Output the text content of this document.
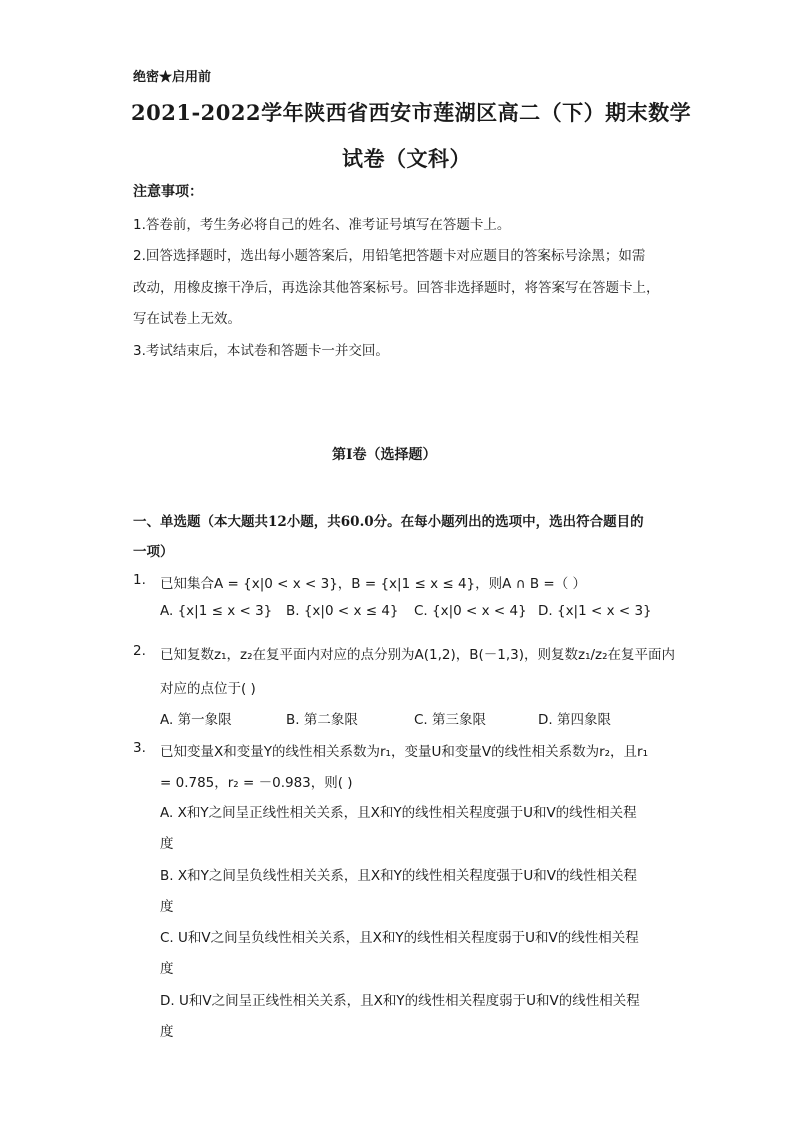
绝密★启用前
2021-2022学年陕西省西安市莲湖区高二（下）期末数学
试卷（文科）
注意事项：
1.答卷前，考生务必将自己的姓名、准考证号填写在答题卡上。
2.回答选择题时，选出每小题答案后，用铅笔把答题卡对应题目的答案标号涂黑；如需
改动，用橡皮擦干净后，再选涂其他答案标号。回答非选择题时，将答案写在答题卡上，
写在试卷上无效。
3.考试结束后，本试卷和答题卡一并交回。
第Ⅰ卷（选择题）
一、单选题（本大题共12小题，共60.0分。在每小题列出的选项中，选出符合题目的
一项）
1. 已知集合A = {x|0 < x < 3}，B = {x|1 ≤ x ≤ 4}，则A ∩ B =（ ）
A. {x|1 ≤ x < 3} B. {x|0 < x ≤ 4} C. {x|0 < x < 4} D. {x|1 < x < 3}
2. 已知复数z₁，z₂在复平面内对应的点分别为A(1,2)，B(－1,3)，则复数z₁/z₂在复平面内
对应的点位于( )
A. 第一象限	B. 第二象限	C. 第三象限	D. 第四象限
3. 已知变量X和变量Y的线性相关系数为r₁，变量U和变量V的线性相关系数为r₂，且r₁
= 0.785，r₂ = －0.983，则( )
A. X和Y之间呈正线性相关关系，且X和Y的线性相关程度强于U和V的线性相关程
度
B. X和Y之间呈负线性相关关系，且X和Y的线性相关程度强于U和V的线性相关程
度
C. U和V之间呈负线性相关关系，且X和Y的线性相关程度弱于U和V的线性相关程
度
D. U和V之间呈正线性相关关系，且X和Y的线性相关程度弱于U和V的线性相关程
度
